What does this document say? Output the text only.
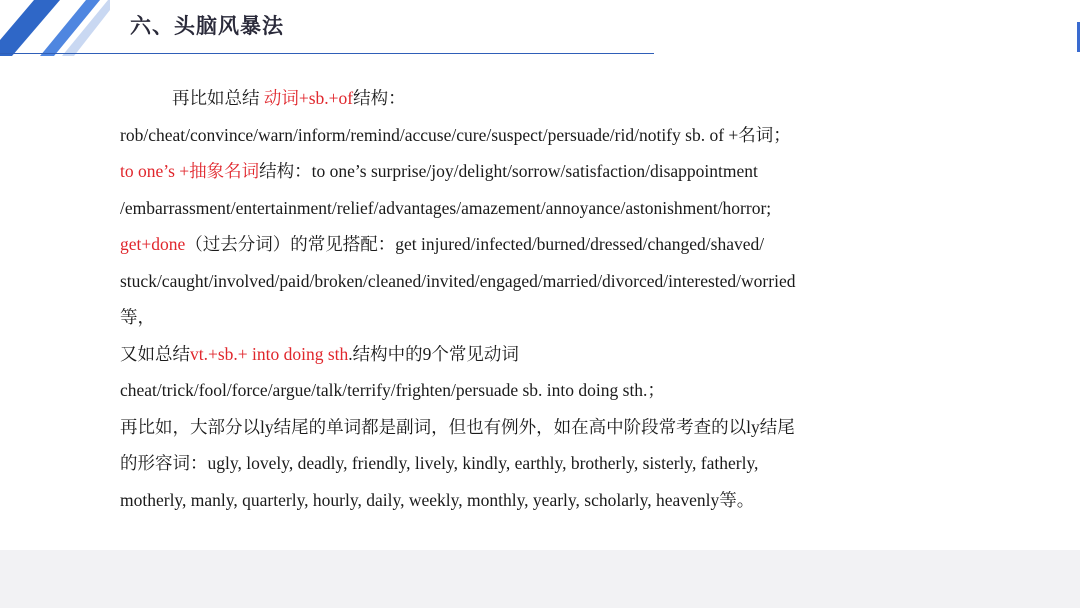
六、头脑风暴法
再比如总结 动词+sb.+of结构：
rob/cheat/convince/warn/inform/remind/accuse/cure/suspect/persuade/rid/notify sb. of +名词；
to one’s +抽象名词结构：to one’s surprise/joy/delight/sorrow/satisfaction/disappointment
/embarrassment/entertainment/relief/advantages/amazement/annoyance/astonishment/horror;
get+done（过去分词）的常见搭配：get injured/infected/burned/dressed/changed/shaved/
stuck/caught/involved/paid/broken/cleaned/invited/engaged/married/divorced/interested/worried
等，
又如总结vt.+sb.+ into doing sth.结构中的9个常见动词
cheat/trick/fool/force/argue/talk/terrify/frighten/persuade sb. into doing sth.；
再比如，大部分以ly结尾的单词都是副词，但也有例外，如在高中阶段常考查的以ly结尾
的形容词：ugly, lovely, deadly, friendly, lively, kindly, earthly, brotherly, sisterly, fatherly,
motherly, manly, quarterly, hourly, daily, weekly, monthly, yearly, scholarly, heavenly等。
